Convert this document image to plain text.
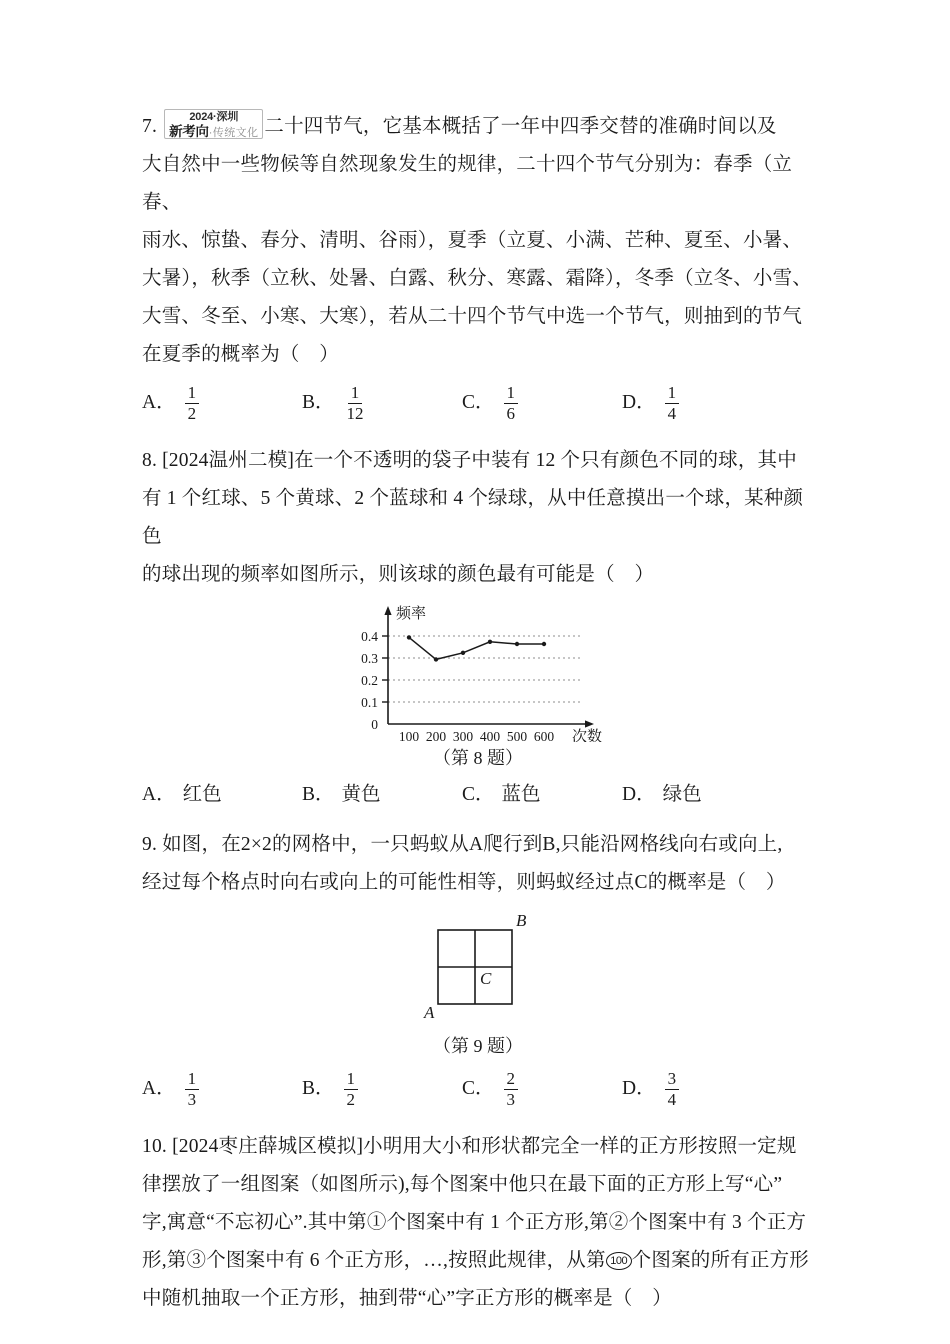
7.	2024·深圳
新考向·传统文化 二十四节气，它基本概括了一年中四季交替的准确时间以及
大自然中一些物候等自然现象发生的规律，二十四个节气分别为：春季（立春、
雨水、惊蛰、春分、清明、谷雨），夏季（立夏、小满、芒种、夏至、小暑、
大暑），秋季（立秋、处暑、白露、秋分、寒露、霜降），冬季（立冬、小雪、
大雪、冬至、小寒、大寒），若从二十四个节气中选一个节气，则抽到的节气
在夏季的概率为（　）
A． $\frac{1}{2}$	B． $\frac{1}{12}$	C． $\frac{1}{6}$	D． $\frac{1}{4}$
8. [2024温州二模]在一个不透明的袋子中装有 12 个只有颜色不同的球，其中
有 1 个红球、5 个黄球、2 个蓝球和 4 个绿球，从中任意摸出一个球，某种颜色
的球出现的频率如图所示，则该球的颜色最有可能是（　）
频率
0.4
0.3
0.2
0.1
0
100 200 300 400 500 600 次数
（第 8 题）
A． 红色	B． 黄色	C． 蓝色	D． 绿色
9. 如图，在2×2的网格中，一只蚂蚁从A爬行到B,只能沿网格线向右或向上,
经过每个格点时向右或向上的可能性相等，则蚂蚁经过点C的概率是（　）
B
A
C
（第 9 题）
A． $\frac{1}{3}$	B． $\frac{1}{2}$	C． $\frac{2}{3}$	D． $\frac{3}{4}$
10. [2024枣庄薛城区模拟]小明用大小和形状都完全一样的正方形按照一定规
律摆放了一组图案（如图所示),每个图案中他只在最下面的正方形上写“心”
字,寓意“不忘初心”.其中第①个图案中有 1 个正方形,第②个图案中有 3 个正方
形,第③个图案中有 6 个正方形，…,按照此规律，从第 100 个图案的所有正方形
中随机抽取一个正方形，抽到带“心”字正方形的概率是（　）
